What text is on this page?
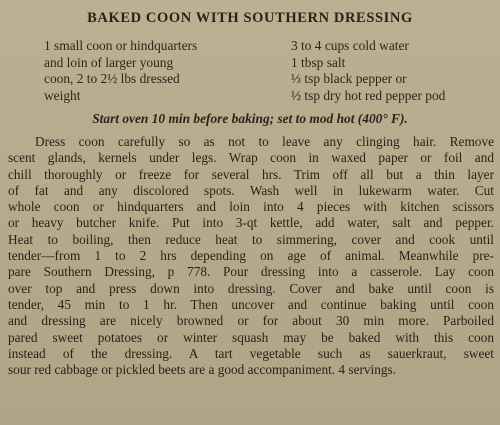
BAKED COON WITH SOUTHERN DRESSING
1 small coon or hindquarters
and loin of larger young
coon, 2 to 2½ lbs dressed
weight
3 to 4 cups cold water
1 tbsp salt
⅓ tsp black pepper or
½ tsp dry hot red pepper pod
Start oven 10 min before baking; set to mod hot (400° F).
Dress coon carefully so as not to leave any clinging hair. Remove
scent glands, kernels under legs. Wrap coon in waxed paper or foil and
chill thoroughly or freeze for several hrs. Trim off all but a thin layer
of fat and any discolored spots. Wash well in lukewarm water. Cut
whole coon or hindquarters and loin into 4 pieces with kitchen scissors
or heavy butcher knife. Put into 3-qt kettle, add water, salt and pepper.
Heat to boiling, then reduce heat to simmering, cover and cook until
tender—from 1 to 2 hrs depending on age of animal. Meanwhile pre-
pare Southern Dressing, p 778. Pour dressing into a casserole. Lay coon
over top and press down into dressing. Cover and bake until coon is
tender, 45 min to 1 hr. Then uncover and continue baking until coon
and dressing are nicely browned or for about 30 min more. Parboiled
pared sweet potatoes or winter squash may be baked with this coon
instead of the dressing. A tart vegetable such as sauerkraut, sweet
sour red cabbage or pickled beets are a good accompaniment. 4 servings.
